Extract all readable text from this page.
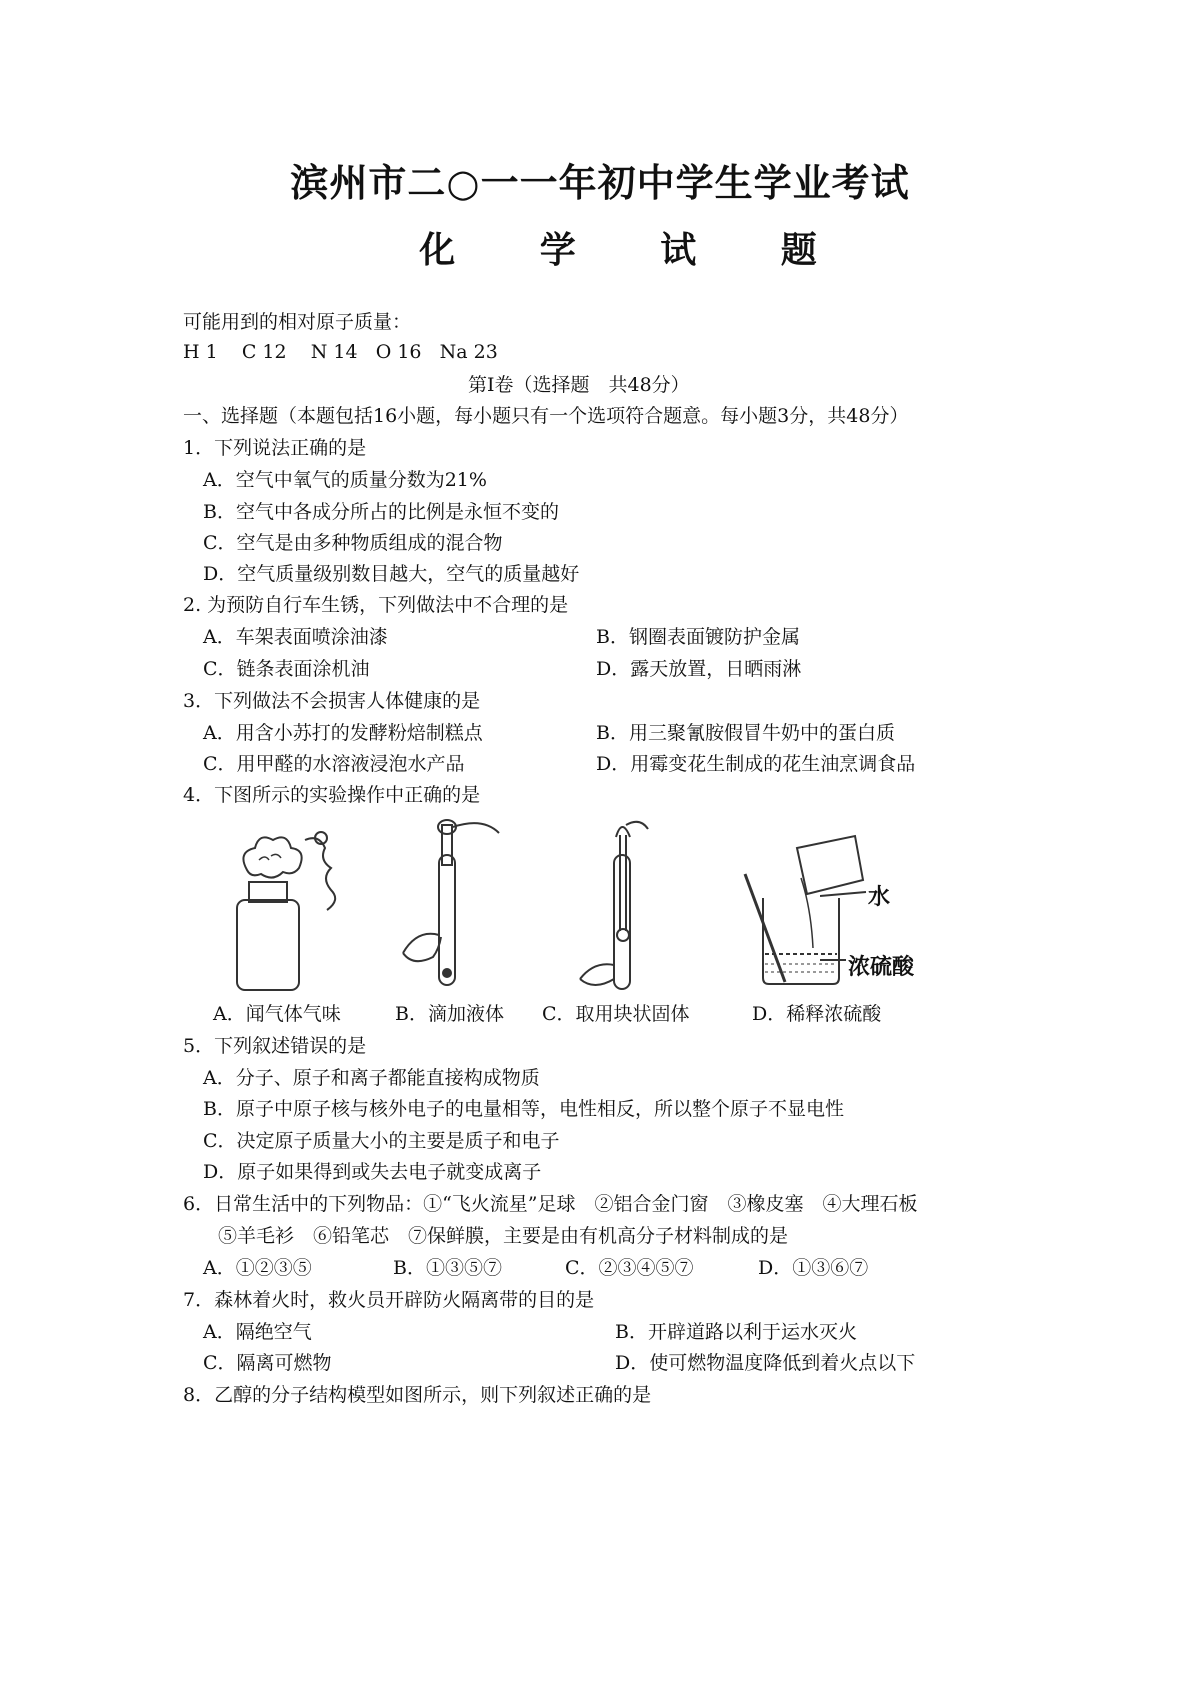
滨州市二○一一年初中学生学业考试
化 学 试 题
可能用到的相对原子质量：
H 1    C 12    N 14   O 16   Na 23
第Ⅰ卷（选择题　共48分）
一、选择题（本题包括16小题，每小题只有一个选项符合题意。每小题3分，共48分）
1．下列说法正确的是
A．空气中氧气的质量分数为21%
B．空气中各成分所占的比例是永恒不变的
C．空气是由多种物质组成的混合物
D．空气质量级别数目越大，空气的质量越好
2. 为预防自行车生锈，下列做法中不合理的是
A．车架表面喷涂油漆	B．钢圈表面镀防护金属
C．链条表面涂机油	D．露天放置，日晒雨淋
3．下列做法不会损害人体健康的是
A．用含小苏打的发酵粉焙制糕点	B．用三聚氰胺假冒牛奶中的蛋白质
C．用甲醛的水溶液浸泡水产品	D．用霉变花生制成的花生油烹调食品
4．下图所示的实验操作中正确的是
水
浓硫酸
A．闻气体气味	B．滴加液体 C．取用块状固体	D．稀释浓硫酸
5．下列叙述错误的是
A．分子、原子和离子都能直接构成物质
B．原子中原子核与核外电子的电量相等，电性相反，所以整个原子不显电性
C．决定原子质量大小的主要是质子和电子
D．原子如果得到或失去电子就变成离子
6．日常生活中的下列物品：①“飞火流星”足球　②铝合金门窗　③橡皮塞　④大理石板
⑤羊毛衫　⑥铅笔芯　⑦保鲜膜，主要是由有机高分子材料制成的是
A．①②③⑤	B．①③⑤⑦	C．②③④⑤⑦	D．①③⑥⑦
7．森林着火时，救火员开辟防火隔离带的目的是
A．隔绝空气	B．开辟道路以利于运水灭火
C．隔离可燃物	D．使可燃物温度降低到着火点以下
8．乙醇的分子结构模型如图所示，则下列叙述正确的是
